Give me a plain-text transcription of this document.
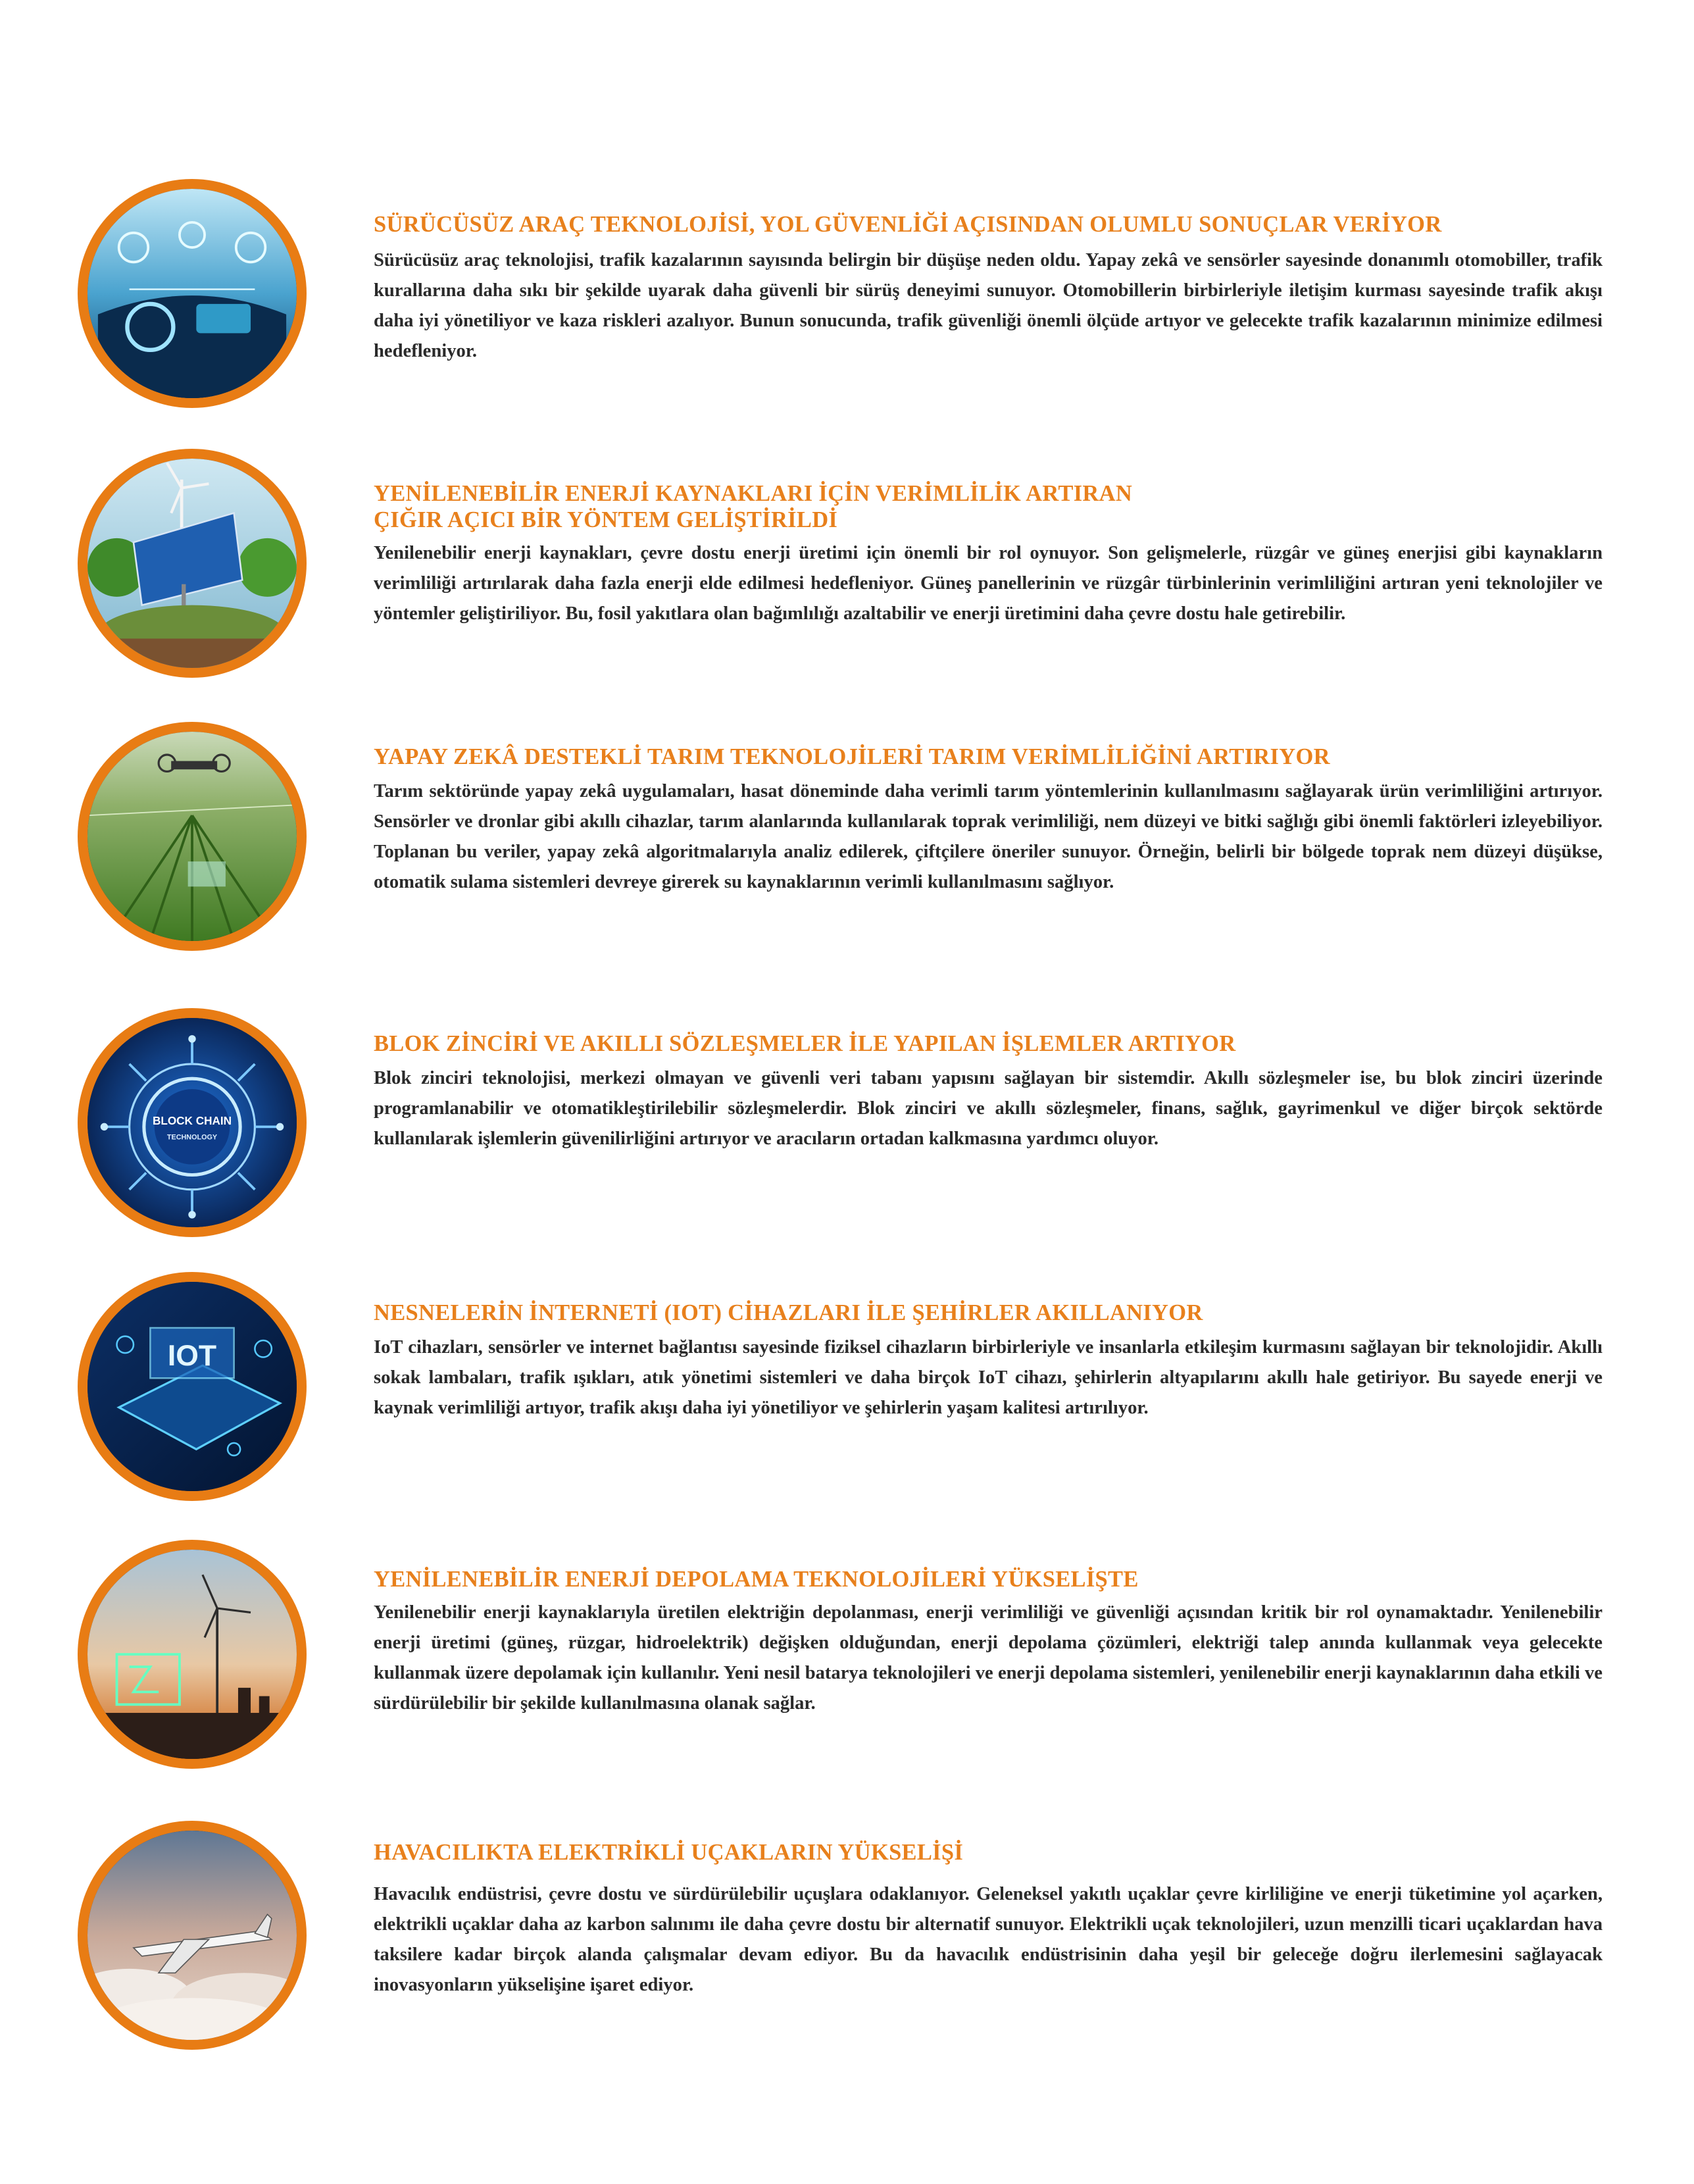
SÜRÜCÜSÜZ ARAÇ TEKNOLOJİSİ, YOL GÜVENLİĞİ AÇISINDAN OLUMLU SONUÇLAR VERİYOR
Sürücüsüz araç teknolojisi, trafik kazalarının sayısında belirgin bir düşüşe neden oldu. Yapay zekâ ve sensörler sayesinde donanımlı otomobiller, trafik kurallarına daha sıkı bir şekilde uyarak daha güvenli bir sürüş deneyimi sunuyor. Otomobillerin birbirleriyle iletişim kurması sayesinde trafik akışı daha iyi yönetiliyor ve kaza riskleri azalıyor. Bunun sonucunda, trafik güvenliği önemli ölçüde artıyor ve gelecekte trafik kazalarının minimize edilmesi hedefleniyor.
YENİLENEBİLİR ENERJİ KAYNAKLARI İÇİN VERİMLİLİK ARTIRAN
ÇIĞIR AÇICI BİR YÖNTEM GELİŞTİRİLDİ
Yenilenebilir enerji kaynakları, çevre dostu enerji üretimi için önemli bir rol oynuyor. Son gelişmelerle, rüzgâr ve güneş enerjisi gibi kaynakların verimliliği artırılarak daha fazla enerji elde edilmesi hedefleniyor. Güneş panellerinin ve rüzgâr türbinlerinin verimliliğini artıran yeni teknolojiler ve yöntemler geliştiriliyor. Bu, fosil yakıtlara olan bağımlılığı azaltabilir ve enerji üretimini daha çevre dostu hale getirebilir.
YAPAY ZEKÂ DESTEKLİ TARIM TEKNOLOJİLERİ TARIM VERİMLİLİĞİNİ ARTIRIYOR
Tarım sektöründe yapay zekâ uygulamaları, hasat döneminde daha verimli tarım yöntemlerinin kullanılmasını sağlayarak ürün verimliliğini artırıyor. Sensörler ve dronlar gibi akıllı cihazlar, tarım alanlarında kullanılarak toprak verimliliği, nem düzeyi ve bitki sağlığı gibi önemli faktörleri izleyebiliyor. Toplanan bu veriler, yapay zekâ algoritmalarıyla analiz edilerek, çiftçilere öneriler sunuyor. Örneğin, belirli bir bölgede toprak nem düzeyi düşükse, otomatik sulama sistemleri devreye girerek su kaynaklarının verimli kullanılmasını sağlıyor.
BLOCK CHAIN
TECHNOLOGY
BLOK ZİNCİRİ VE AKILLI SÖZLEŞMELER İLE YAPILAN İŞLEMLER ARTIYOR
Blok zinciri teknolojisi, merkezi olmayan ve güvenli veri tabanı yapısını sağlayan bir sistemdir. Akıllı sözleşmeler ise, bu blok zinciri üzerinde programlanabilir ve otomatikleştirilebilir sözleşmelerdir. Blok zinciri ve akıllı sözleşmeler, finans, sağlık, gayrimenkul ve diğer birçok sektörde kullanılarak işlemlerin güvenilirliğini artırıyor ve aracıların ortadan kalkmasına yardımcı oluyor.
IOT
NESNELERİN İNTERNETİ (IOT) CİHAZLARI İLE ŞEHİRLER AKILLANIYOR
IoT cihazları, sensörler ve internet bağlantısı sayesinde fiziksel cihazların birbirleriyle ve insanlarla etkileşim kurmasını sağlayan bir teknolojidir. Akıllı sokak lambaları, trafik ışıkları, atık yönetimi sistemleri ve daha birçok IoT cihazı, şehirlerin altyapılarını akıllı hale getiriyor. Bu sayede enerji ve kaynak verimliliği artıyor, trafik akışı daha iyi yönetiliyor ve şehirlerin yaşam kalitesi artırılıyor.
YENİLENEBİLİR ENERJİ DEPOLAMA TEKNOLOJİLERİ YÜKSELİŞTE
Yenilenebilir enerji kaynaklarıyla üretilen elektriğin depolanması, enerji verimliliği ve güvenliği açısından kritik bir rol oynamaktadır. Yenilenebilir enerji üretimi (güneş, rüzgar, hidroelektrik) değişken olduğundan, enerji depolama çözümleri, elektriği talep anında kullanmak veya gelecekte kullanmak üzere depolamak için kullanılır. Yeni nesil batarya teknolojileri ve enerji depolama sistemleri, yenilenebilir enerji kaynaklarının daha etkili ve sürdürülebilir bir şekilde kullanılmasına olanak sağlar.
HAVACILIKTA ELEKTRİKLİ UÇAKLARIN YÜKSELİŞİ
Havacılık endüstrisi, çevre dostu ve sürdürülebilir uçuşlara odaklanıyor. Geleneksel yakıtlı uçaklar çevre kirliliğine ve enerji tüketimine yol açarken, elektrikli uçaklar daha az karbon salınımı ile daha çevre dostu bir alternatif sunuyor. Elektrikli uçak teknolojileri, uzun menzilli ticari uçaklardan hava taksilere kadar birçok alanda çalışmalar devam ediyor. Bu da havacılık endüstrisinin daha yeşil bir geleceğe doğru ilerlemesini sağlayacak inovasyonların yükselişine işaret ediyor.
